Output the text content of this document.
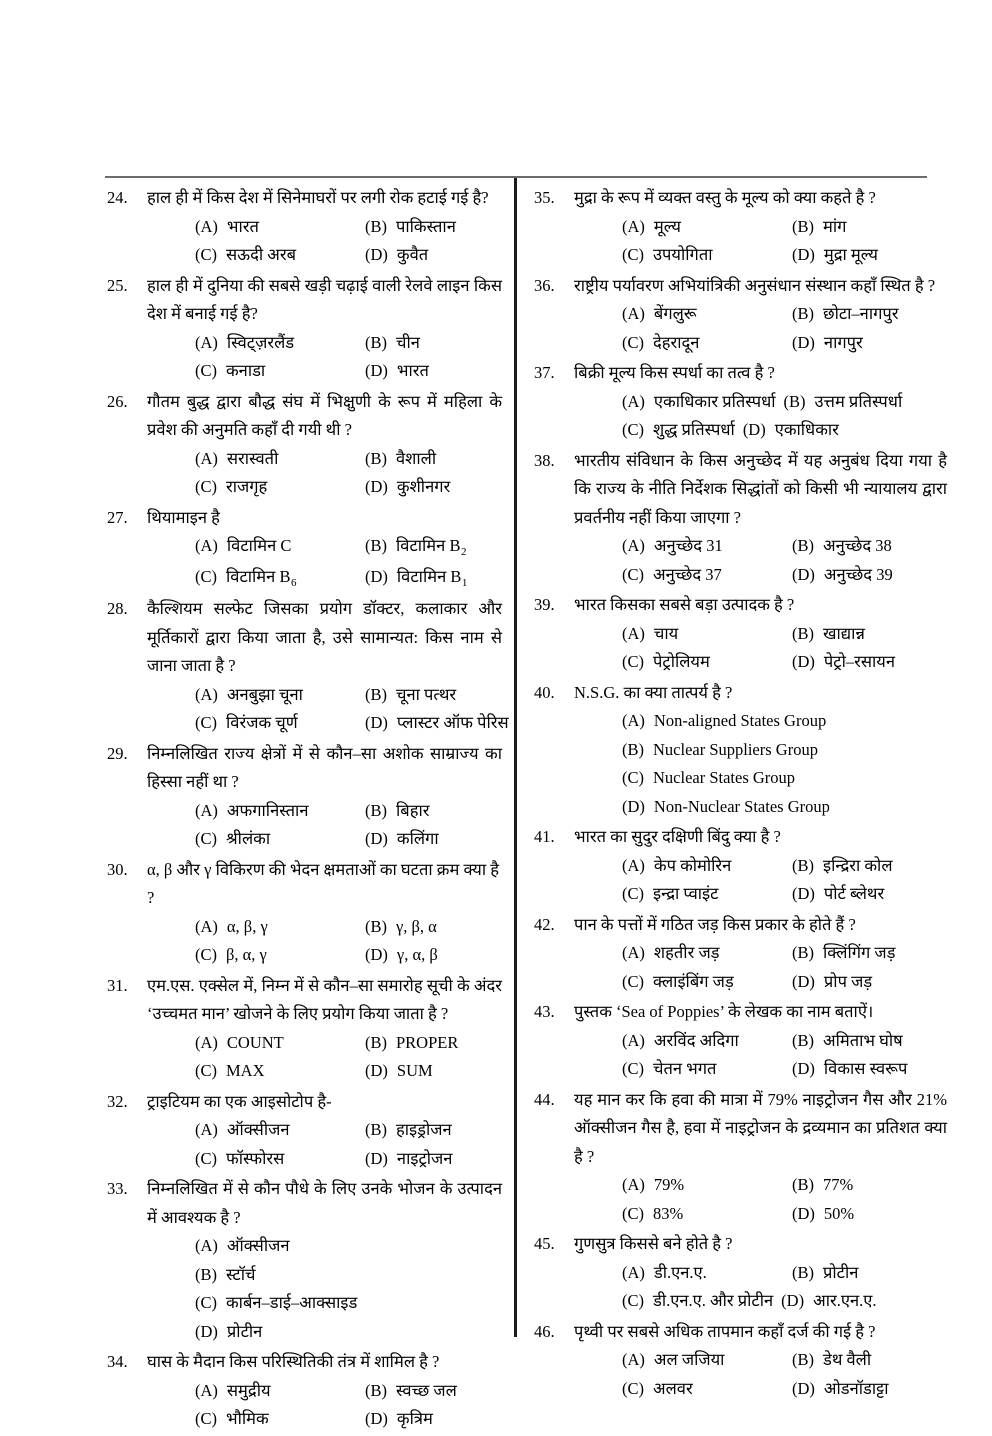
24.	हाल ही में किस देश में सिनेमाघरों पर लगी रोक हटाई गई है?

(A) भारत	(B) पाकिस्तान
(C) सऊदी अरब	(D) कुवैत
25.	हाल ही में दुनिया की सबसे खड़ी चढ़ाई वाली रेलवे लाइन किस देश में बनाई गई है?

(A) स्विट्ज़रलैंड	(B) चीन
(C) कनाडा	(D) भारत
26.	गौतम बुद्ध द्वारा बौद्ध संघ में भिक्षुणी के रूप में महिला के प्रवेश की अनुमति कहाँ दी गयी थी ?

(A) सरास्वती	(B) वैशाली
(C) राजगृह	(D) कुशीनगर
27.	थियामाइन है

(A) विटामिन C	(B) विटामिन $B_2$
(C) विटामिन $B_6$	(D) विटामिन $B_1$
28.	कैल्शियम सल्फेट जिसका प्रयोग डॉक्टर, कलाकार और मूर्तिकारों द्वारा किया जाता है, उसे सामान्यत: किस नाम से जाना जाता है ?

(A) अनबुझा चूना	(B) चूना पत्थर
(C) विरंजक चूर्ण	(D) प्लास्टर ऑफ पेरिस
29.	निम्नलिखित राज्य क्षेत्रों में से कौन–सा अशोक साम्राज्य का हिस्सा नहीं था ?

(A) अफगानिस्तान	(B) बिहार
(C) श्रीलंका	(D) कलिंगा
30.	α, β और γ विकिरण की भेदन क्षमताओं का घटता क्रम क्या है ?

(A) α, β, γ	(B) γ, β, α
(C) β, α, γ	(D) γ, α, β
31.	एम.एस. एक्सेल में, निम्न में से कौन–सा समारोह सूची के अंदर ‘उच्चमत मान’ खोजने के लिए प्रयोग किया जाता है ?

(A) COUNT	(B) PROPER
(C) MAX	(D) SUM
32.	ट्राइटियम का एक आइसोटोप है-

(A) ऑक्सीजन	(B) हाइड्रोजन
(C) फॉस्फोरस	(D) नाइट्रोजन
33.	निम्नलिखित में से कौन पौधे के लिए उनके भोजन के उत्पादन में आवश्यक है ?

(A) ऑक्सीजन
(B) स्टॉर्च
(C) कार्बन–डाई–आक्साइड
(D) प्रोटीन
34.	घास के मैदान किस परिस्थितिकी तंत्र में शामिल है ?

(A) समुद्रीय	(B) स्वच्छ जल
(C) भौमिक	(D) कृत्रिम
35.	मुद्रा के रूप में व्यक्त वस्तु के मूल्य को क्या कहते है ?

(A) मूल्य	(B) मांग
(C) उपयोगिता	(D) मुद्रा मूल्य
36.	राष्ट्रीय पर्यावरण अभियांत्रिकी अनुसंधान संस्थान कहाँ स्थित है ?

(A) बेंगलुरू	(B) छोटा–नागपुर
(C) देहरादून	(D) नागपुर
37.	बिक्री मूल्य किस स्पर्धा का तत्व है ?

(A) एकाधिकार प्रतिस्पर्धा (B) उत्तम प्रतिस्पर्धा
(C) शुद्ध प्रतिस्पर्धा (D) एकाधिकार
38.	भारतीय संविधान के किस अनुच्छेद में यह अनुबंध दिया गया है कि राज्य के नीति निर्देशक सिद्धांतों को किसी भी न्यायालय द्वारा प्रवर्तनीय नहीं किया जाएगा ?

(A) अनुच्छेद 31	(B) अनुच्छेद 38
(C) अनुच्छेद 37	(D) अनुच्छेद 39
39.	भारत किसका सबसे बड़ा उत्पादक है ?

(A) चाय	(B) खाद्यान्न
(C) पेट्रोलियम	(D) पेट्रो–रसायन
40.	N.S.G. का क्या तात्पर्य है ?

(A) Non-aligned States Group
(B) Nuclear Suppliers Group
(C) Nuclear States Group
(D) Non-Nuclear States Group
41.	भारत का सुदुर दक्षिणी बिंदु क्या है ?

(A) केप कोमोरिन	(B) इन्द्रिरा कोल
(C) इन्द्रा प्वाइंट	(D) पोर्ट ब्लेथर
42.	पान के पत्तों में गठित जड़ किस प्रकार के होते हैं ?

(A) शहतीर जड़	(B) क्लिंगिंग जड़
(C) क्लाइंबिंग जड़	(D) प्रोप जड़
43.	पुस्तक ‘Sea of Poppies’ के लेखक का नाम बताऐं।

(A) अरविंद अदिगा	(B) अमिताभ घोष
(C) चेतन भगत	(D) विकास स्वरूप
44.	यह मान कर कि हवा की मात्रा में 79% नाइट्रोजन गैस और 21% ऑक्सीजन गैस है, हवा में नाइट्रोजन के द्रव्यमान का प्रतिशत क्या है ?

(A) 79%	(B) 77%
(C) 83%	(D) 50%
45.	गुणसुत्र किससे बने होते है ?

(A) डी.एन.ए.	(B) प्रोटीन
(C) डी.एन.ए. और प्रोटीन (D) आर.एन.ए.
46.	पृथ्वी पर सबसे अधिक तापमान कहाँ दर्ज की गई है ?

(A) अल जजिया	(B) डेथ वैली
(C) अलवर	(D) ओडनॉडाट्टा
